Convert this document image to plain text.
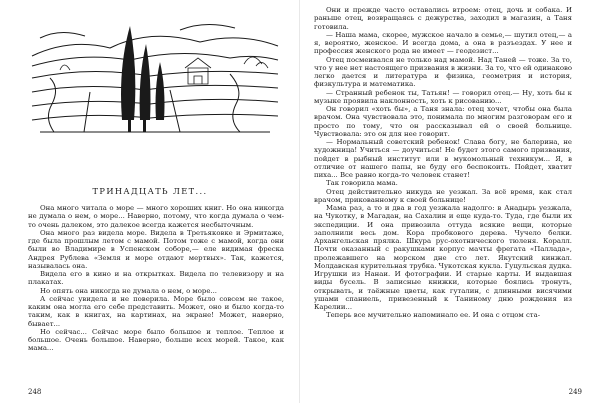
ТРИНАДЦАТЬ ЛЕТ...

Она много читала о море — много хороших книг. Но она никогда не думала о нем, о море... Наверно, потому, что когда думала о чем-то очень далеком, это далекое всегда кажется несбыточным.

Она много раз видела море. Видела в Третьяковке и Эрмитаже, где была прошлым летом с мамой. Потом тоже с мамой, когда они были во Владимире в Успенском соборе,— еле видимая фреска Андрея Рублева «Земля и море отдают мертвых». Так, кажется, называлась она.

Видела его в кино и на открытках. Видела по телевизору и на плакатах.

Но опять она никогда не думала о нем, о море...

А сейчас увидела и не поверила. Море было совсем не такое, каким она могла его себе представить. Может, оно и было когда-то таким, как в книгах, на картинах, на экране! Может, наверно, бывает...

Но сейчас... Сейчас море было большое и теплое. Теплое и большое. Очень большое. Наверно, больше всех морей. Такое, как мама...

248

Они и прежде часто оставались втроем: отец, дочь и собака. И раньше отец, возвращаясь с дежурства, заходил в магазин, а Таня готовила.

— Наша мама, скорее, мужское начало в семье,— шутил отец,— а я, вероятно, женское. И всегда дома, а она в разъездах. У нее и профессия женского рода не имеет — геодезист...

Отец посмеивался не только над мамой. Над Таней — тоже. За то, что у нее нет настоящего призвания в жизни. За то, что ей одинаково легко дается и литература и физика, геометрия и история, физкультура и математика.

— Странный ребенок ты, Татьян! — говорил отец.— Ну, хоть бы к музыке проявила наклонность, хоть к рисованию...

Он говорил «хоть бы», а Таня знала: отец хочет, чтобы она была врачом. Она чувствовала это, понимала по многим разговорам его и просто по тому, что он рассказывал ей о своей больнице. Чувствовала: это он для нее говорит.

— Нормальный советский ребенок! Слава богу, не балерина, не художница! Учиться — доучиться! Не будет этого самого призвания, пойдет в рыбный институт или в мукомольный техникум... Я, в отличие от нашего папы, не буду его беспокоить. Пойдет, хватит пиха... Все равно когда-то человек станет!

Так говорила мама.

Отец действительно никуда не уезжал. За всё время, как стал врачом, прикованному к своей больнице!

Мама раз, а то и два в год уезжала надолго: в Анадырь уезжала, на Чукотку, в Магадан, на Сахалин и еще куда-то. Туда, где были их экспедиции. И она привозила оттуда всякие вещи, которые заполнили весь дом. Кора пробкового дерева. Чучело белки. Архангельская прялка. Шкура рус-охотнического тюленя. Коралл. Почти оказанный с ракушками корпус мачты фрегата «Паллада», пролежавшего на морском дне сто лет. Якутский кинжал. Молдавская курительная трубка. Чукотская кукла. Гуцульская дудка. Игрушки из Нанаи. И фотографии. И старые карты. И выдавшая виды бусель. В записные книжки, которые боялись тронуть, открывать, и таёжные цветы, как гуталин, с длинными висячими ушами спаниель, привезенный к Таниному дню рождения из Карелии...

Теперь все мучительно напоминало ее. И она с отцом ста-

249
